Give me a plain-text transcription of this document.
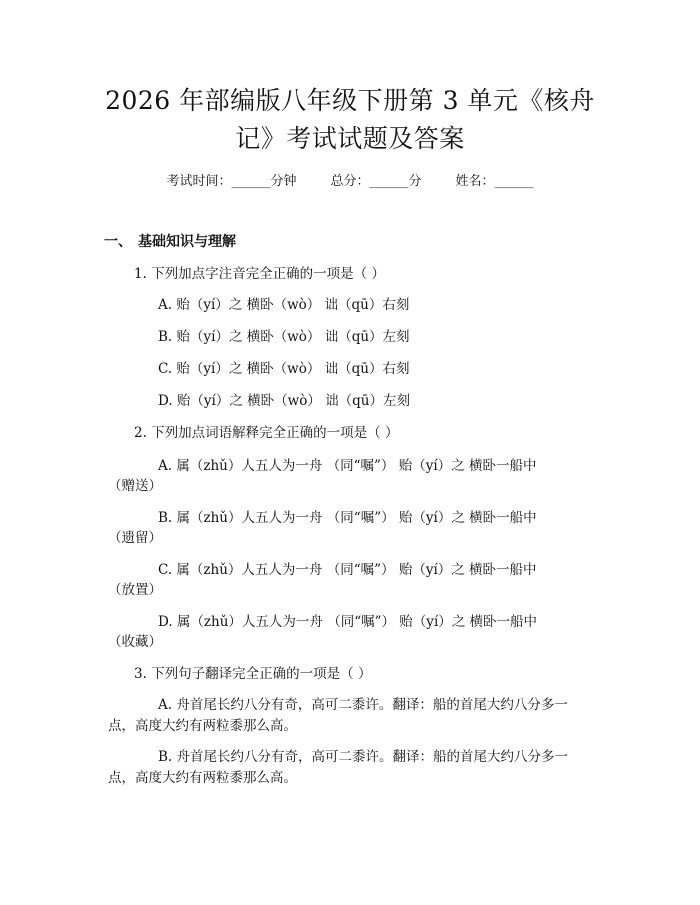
2026 年部编版八年级下册第 3 单元《核舟
记》考试试题及答案
考试时间：______分钟	总分：______分	姓名：______
一、 基础知识与理解
1. 下列加点字注音完全正确的一项是（ ）
A. 贻（yí）之 横卧（wò） 诎（qū）右刻
B. 贻（yí）之 横卧（wò） 诎（qū）左刻
C. 贻（yí）之 横卧（wò） 诎（qū）右刻
D. 贻（yí）之 横卧（wò） 诎（qū）左刻
2. 下列加点词语解释完全正确的一项是（ ）
A. 属（zhǔ）人五人为一舟 （同“嘱”） 贻（yí）之 横卧一船中
（赠送）
B. 属（zhǔ）人五人为一舟 （同“嘱”） 贻（yí）之 横卧一船中
（遗留）
C. 属（zhǔ）人五人为一舟 （同“嘱”） 贻（yí）之 横卧一船中
（放置）
D. 属（zhǔ）人五人为一舟 （同“嘱”） 贻（yí）之 横卧一船中
（收藏）
3. 下列句子翻译完全正确的一项是（ ）
A. 舟首尾长约八分有奇，高可二黍许。翻译：船的首尾大约八分多一
点，高度大约有两粒黍那么高。
B. 舟首尾长约八分有奇，高可二黍许。翻译：船的首尾大约八分多一
点，高度大约有两粒黍那么高。
